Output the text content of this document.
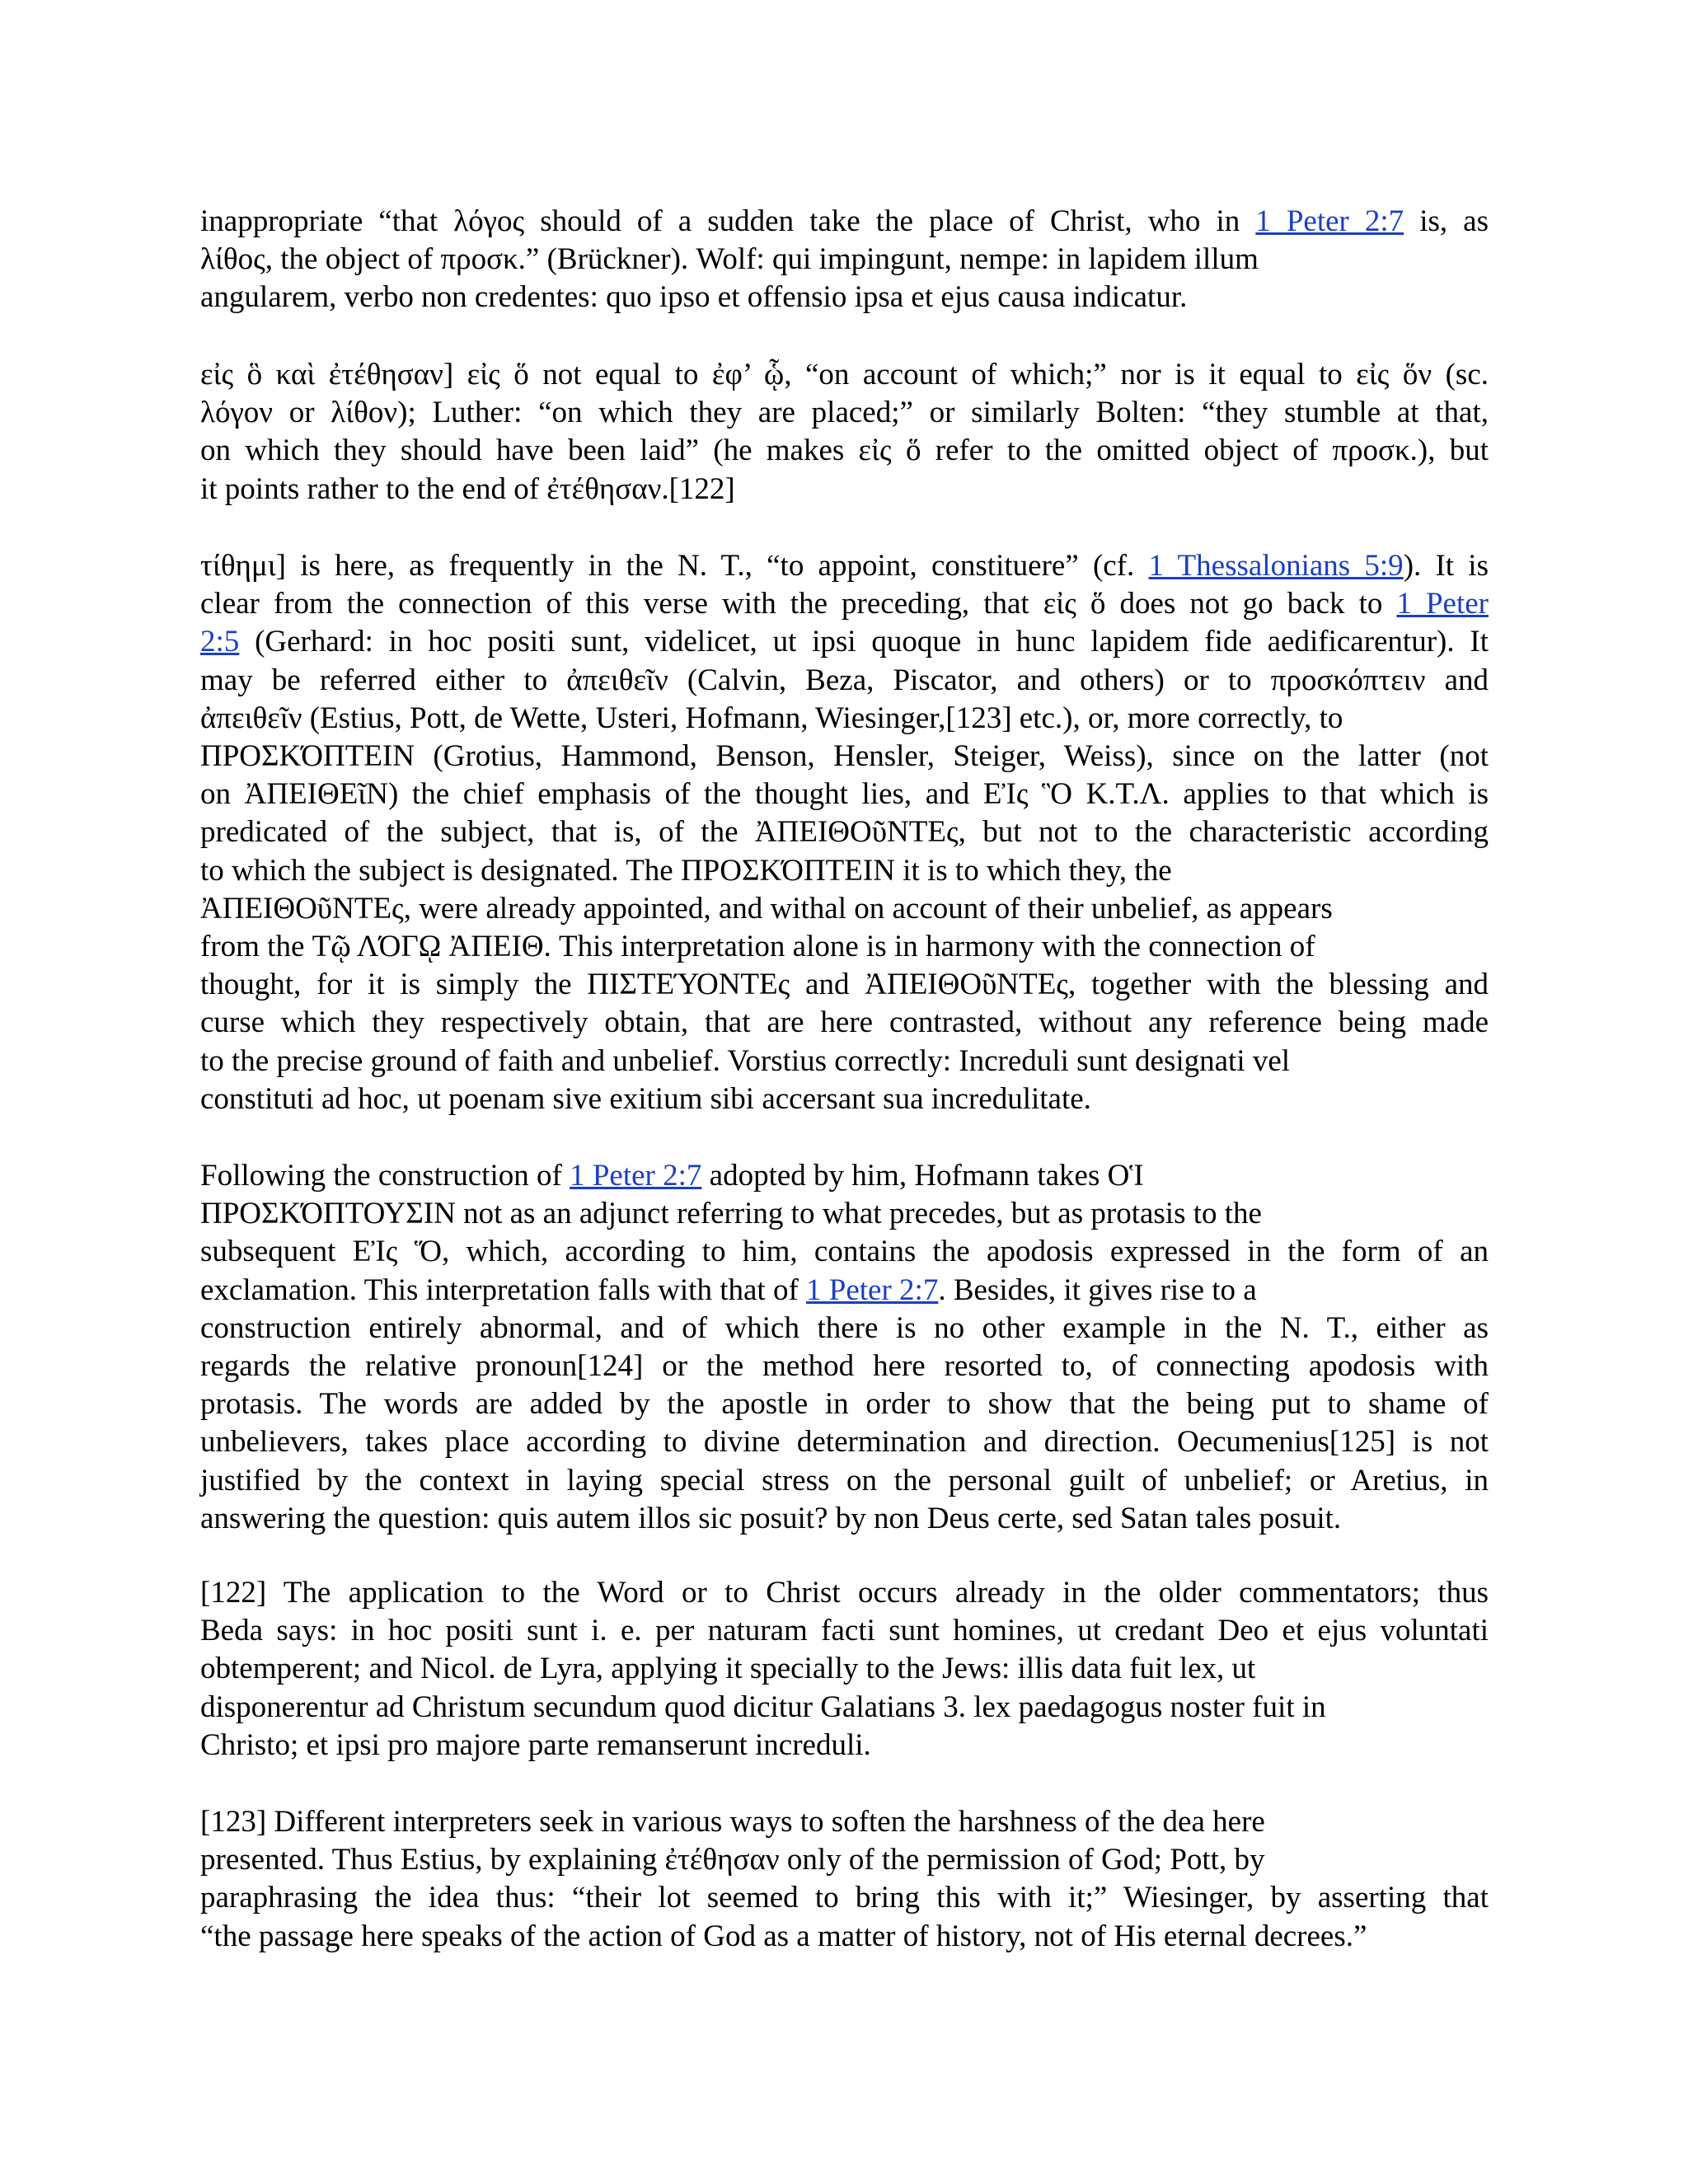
inappropriate “that λόγος should of a sudden take the place of Christ, who in 1 Peter 2:7 is, as
λίθος, the object of προσκ.” (Brückner). Wolf: qui impingunt, nempe: in lapidem illum
angularem, verbo non credentes: quo ipso et offensio ipsa et ejus causa indicatur.
εἰς ὃ καὶ ἐτέθησαν] εἰς ὅ not equal to ἐφ’ ᾧ, “on account of which;” nor is it equal to εἰς ὅν (sc.
λόγον or λίθον); Luther: “on which they are placed;” or similarly Bolten: “they stumble at that,
on which they should have been laid” (he makes εἰς ὅ refer to the omitted object of προσκ.), but
it points rather to the end of ἐτέθησαν.[122]
τίθημι] is here, as frequently in the N. T., “to appoint, constituere” (cf. 1 Thessalonians 5:9). It is
clear from the connection of this verse with the preceding, that εἰς ὅ does not go back to 1 Peter
2:5 (Gerhard: in hoc positi sunt, videlicet, ut ipsi quoque in hunc lapidem fide aedificarentur). It
may be referred either to ἀπειθεῖν (Calvin, Beza, Piscator, and others) or to προσκόπτειν and
ἀπειθεῖν (Estius, Pott, de Wette, Usteri, Hofmann, Wiesinger,[123] etc.), or, more correctly, to
ΠΡΟΣΚΌΠΤΕΙΝ (Grotius, Hammond, Benson, Hensler, Steiger, Weiss), since on the latter (not
on ἈΠΕΙΘΕῖΝ) the chief emphasis of the thought lies, and ΕἸς Ὃ Κ.Τ.Λ. applies to that which is
predicated of the subject, that is, of the ἈΠΕΙΘΟῦΝΤΕς, but not to the characteristic according
to which the subject is designated. The ΠΡΟΣΚΌΠΤΕΙΝ it is to which they, the
ἈΠΕΙΘΟῦΝΤΕς, were already appointed, and withal on account of their unbelief, as appears
from the Τῷ ΛΌΓῼ ἈΠΕΙΘ. This interpretation alone is in harmony with the connection of
thought, for it is simply the ΠΙΣΤΕΎΟΝΤΕς and ἈΠΕΙΘΟῦΝΤΕς, together with the blessing and
curse which they respectively obtain, that are here contrasted, without any reference being made
to the precise ground of faith and unbelief. Vorstius correctly: Increduli sunt designati vel
constituti ad hoc, ut poenam sive exitium sibi accersant sua incredulitate.
Following the construction of 1 Peter 2:7 adopted by him, Hofmann takes ΟἹ
ΠΡΟΣΚΌΠΤΟΥΣΙΝ not as an adjunct referring to what precedes, but as protasis to the
subsequent ΕἸς Ὅ, which, according to him, contains the apodosis expressed in the form of an
exclamation. This interpretation falls with that of 1 Peter 2:7. Besides, it gives rise to a
construction entirely abnormal, and of which there is no other example in the N. T., either as
regards the relative pronoun[124] or the method here resorted to, of connecting apodosis with
protasis. The words are added by the apostle in order to show that the being put to shame of
unbelievers, takes place according to divine determination and direction. Oecumenius[125] is not
justified by the context in laying special stress on the personal guilt of unbelief; or Aretius, in
answering the question: quis autem illos sic posuit? by non Deus certe, sed Satan tales posuit.
[122] The application to the Word or to Christ occurs already in the older commentators; thus
Beda says: in hoc positi sunt i. e. per naturam facti sunt homines, ut credant Deo et ejus voluntati
obtemperent; and Nicol. de Lyra, applying it specially to the Jews: illis data fuit lex, ut
disponerentur ad Christum secundum quod dicitur Galatians 3. lex paedagogus noster fuit in
Christo; et ipsi pro majore parte remanserunt increduli.
[123] Different interpreters seek in various ways to soften the harshness of the dea here
presented. Thus Estius, by explaining ἐτέθησαν only of the permission of God; Pott, by
paraphrasing the idea thus: “their lot seemed to bring this with it;” Wiesinger, by asserting that
“the passage here speaks of the action of God as a matter of history, not of His eternal decrees.”
